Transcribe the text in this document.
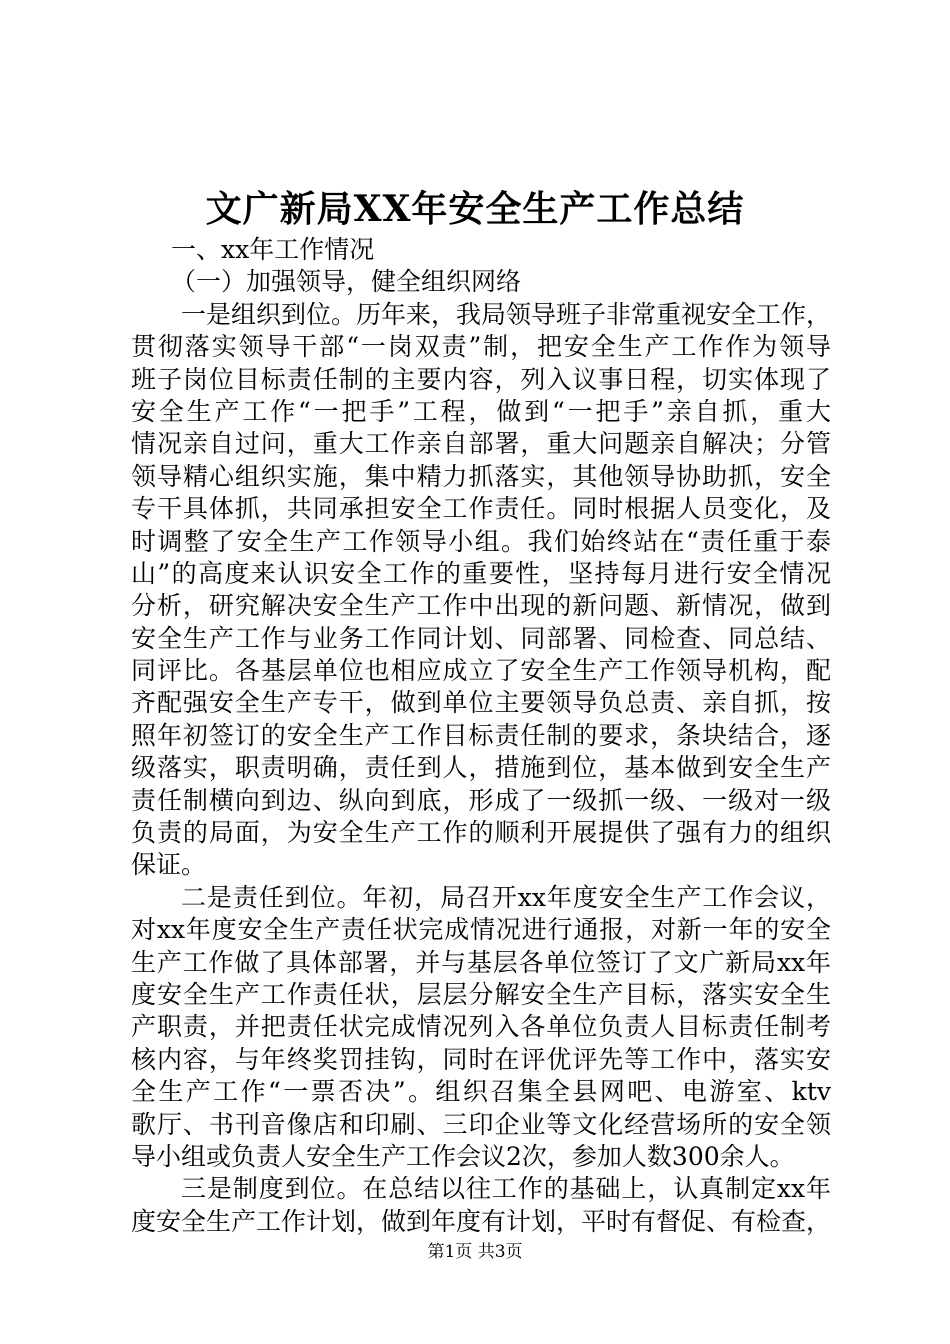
文广新局XX年安全生产工作总结
一、xx年工作情况
（一）加强领导，健全组织网络
一是组织到位。历年来，我局领导班子非常重视安全工作，
贯彻落实领导干部“一岗双责”制，把安全生产工作作为领导
班子岗位目标责任制的主要内容，列入议事日程，切实体现了
安全生产工作“一把手”工程，做到“一把手”亲自抓，重大
情况亲自过问，重大工作亲自部署，重大问题亲自解决；分管
领导精心组织实施，集中精力抓落实，其他领导协助抓，安全
专干具体抓，共同承担安全工作责任。同时根据人员变化，及
时调整了安全生产工作领导小组。我们始终站在“责任重于泰
山”的高度来认识安全工作的重要性，坚持每月进行安全情况
分析，研究解决安全生产工作中出现的新问题、新情况，做到
安全生产工作与业务工作同计划、同部署、同检查、同总结、
同评比。各基层单位也相应成立了安全生产工作领导机构，配
齐配强安全生产专干，做到单位主要领导负总责、亲自抓，按
照年初签订的安全生产工作目标责任制的要求，条块结合，逐
级落实，职责明确，责任到人，措施到位，基本做到安全生产
责任制横向到边、纵向到底，形成了一级抓一级、一级对一级
负责的局面，为安全生产工作的顺利开展提供了强有力的组织
保证。
二是责任到位。年初，局召开xx年度安全生产工作会议，
对xx年度安全生产责任状完成情况进行通报，对新一年的安全
生产工作做了具体部署，并与基层各单位签订了文广新局xx年
度安全生产工作责任状，层层分解安全生产目标，落实安全生
产职责，并把责任状完成情况列入各单位负责人目标责任制考
核内容，与年终奖罚挂钩，同时在评优评先等工作中，落实安
全生产工作“一票否决”。组织召集全县网吧、电游室、ktv
歌厅、书刊音像店和印刷、三印企业等文化经营场所的安全领
导小组或负责人安全生产工作会议2次，参加人数300余人。
三是制度到位。在总结以往工作的基础上，认真制定xx年
度安全生产工作计划，做到年度有计划，平时有督促、有检查，
第1页 共3页
